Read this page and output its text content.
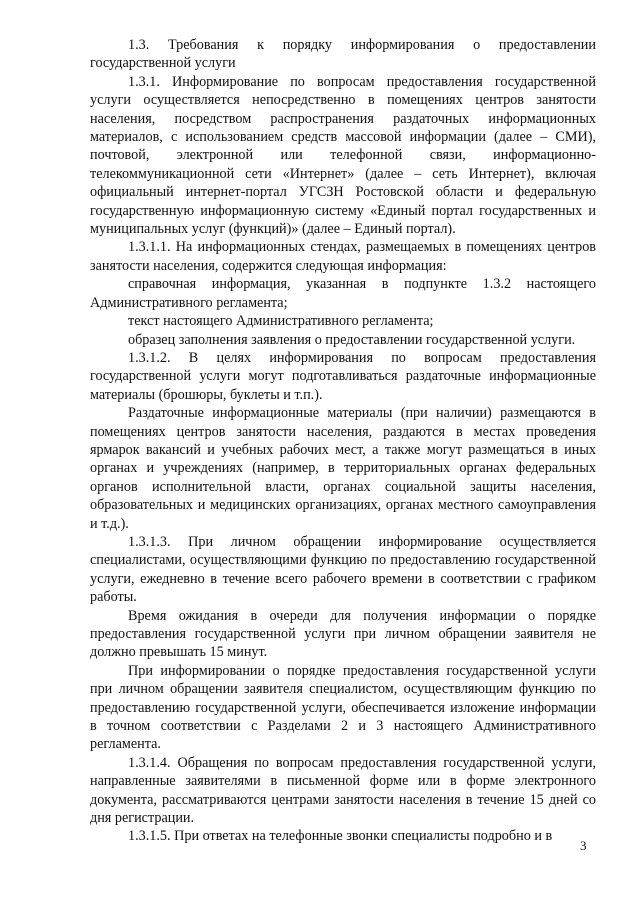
1.3. Требования к порядку информирования о предоставлении государственной услуги

1.3.1. Информирование по вопросам предоставления государственной услуги осуществляется непосредственно в помещениях центров занятости населения, посредством распространения раздаточных информационных материалов, с использованием средств массовой информации (далее – СМИ), почтовой, электронной или телефонной связи, информационно-телекоммуникационной сети «Интернет» (далее – сеть Интернет), включая официальный интернет-портал УГСЗН Ростовской области и федеральную государственную информационную систему «Единый портал государственных и муниципальных услуг (функций)» (далее – Единый портал).

1.3.1.1. На информационных стендах, размещаемых в помещениях центров занятости населения, содержится следующая информация:

справочная информация, указанная в подпункте 1.3.2 настоящего Административного регламента;

текст настоящего Административного регламента;

образец заполнения заявления о предоставлении государственной услуги.

1.3.1.2. В целях информирования по вопросам предоставления государственной услуги могут подготавливаться раздаточные информационные материалы (брошюры, буклеты и т.п.).

Раздаточные информационные материалы (при наличии) размещаются в помещениях центров занятости населения, раздаются в местах проведения ярмарок вакансий и учебных рабочих мест, а также могут размещаться в иных органах и учреждениях (например, в территориальных органах федеральных органов исполнительной власти, органах социальной защиты населения, образовательных и медицинских организациях, органах местного самоуправления и т.д.).

1.3.1.3. При личном обращении информирование осуществляется специалистами, осуществляющими функцию по предоставлению государственной услуги, ежедневно в течение всего рабочего времени в соответствии с графиком работы.

Время ожидания в очереди для получения информации о порядке предоставления государственной услуги при личном обращении заявителя не должно превышать 15 минут.

При информировании о порядке предоставления государственной услуги при личном обращении заявителя специалистом, осуществляющим функцию по предоставлению государственной услуги, обеспечивается изложение информации в точном соответствии с Разделами 2 и 3 настоящего Административного регламента.

1.3.1.4. Обращения по вопросам предоставления государственной услуги, направленные заявителями в письменной форме или в форме электронного документа, рассматриваются центрами занятости населения в течение 15 дней со дня регистрации.

1.3.1.5. При ответах на телефонные звонки специалисты подробно и в

3
